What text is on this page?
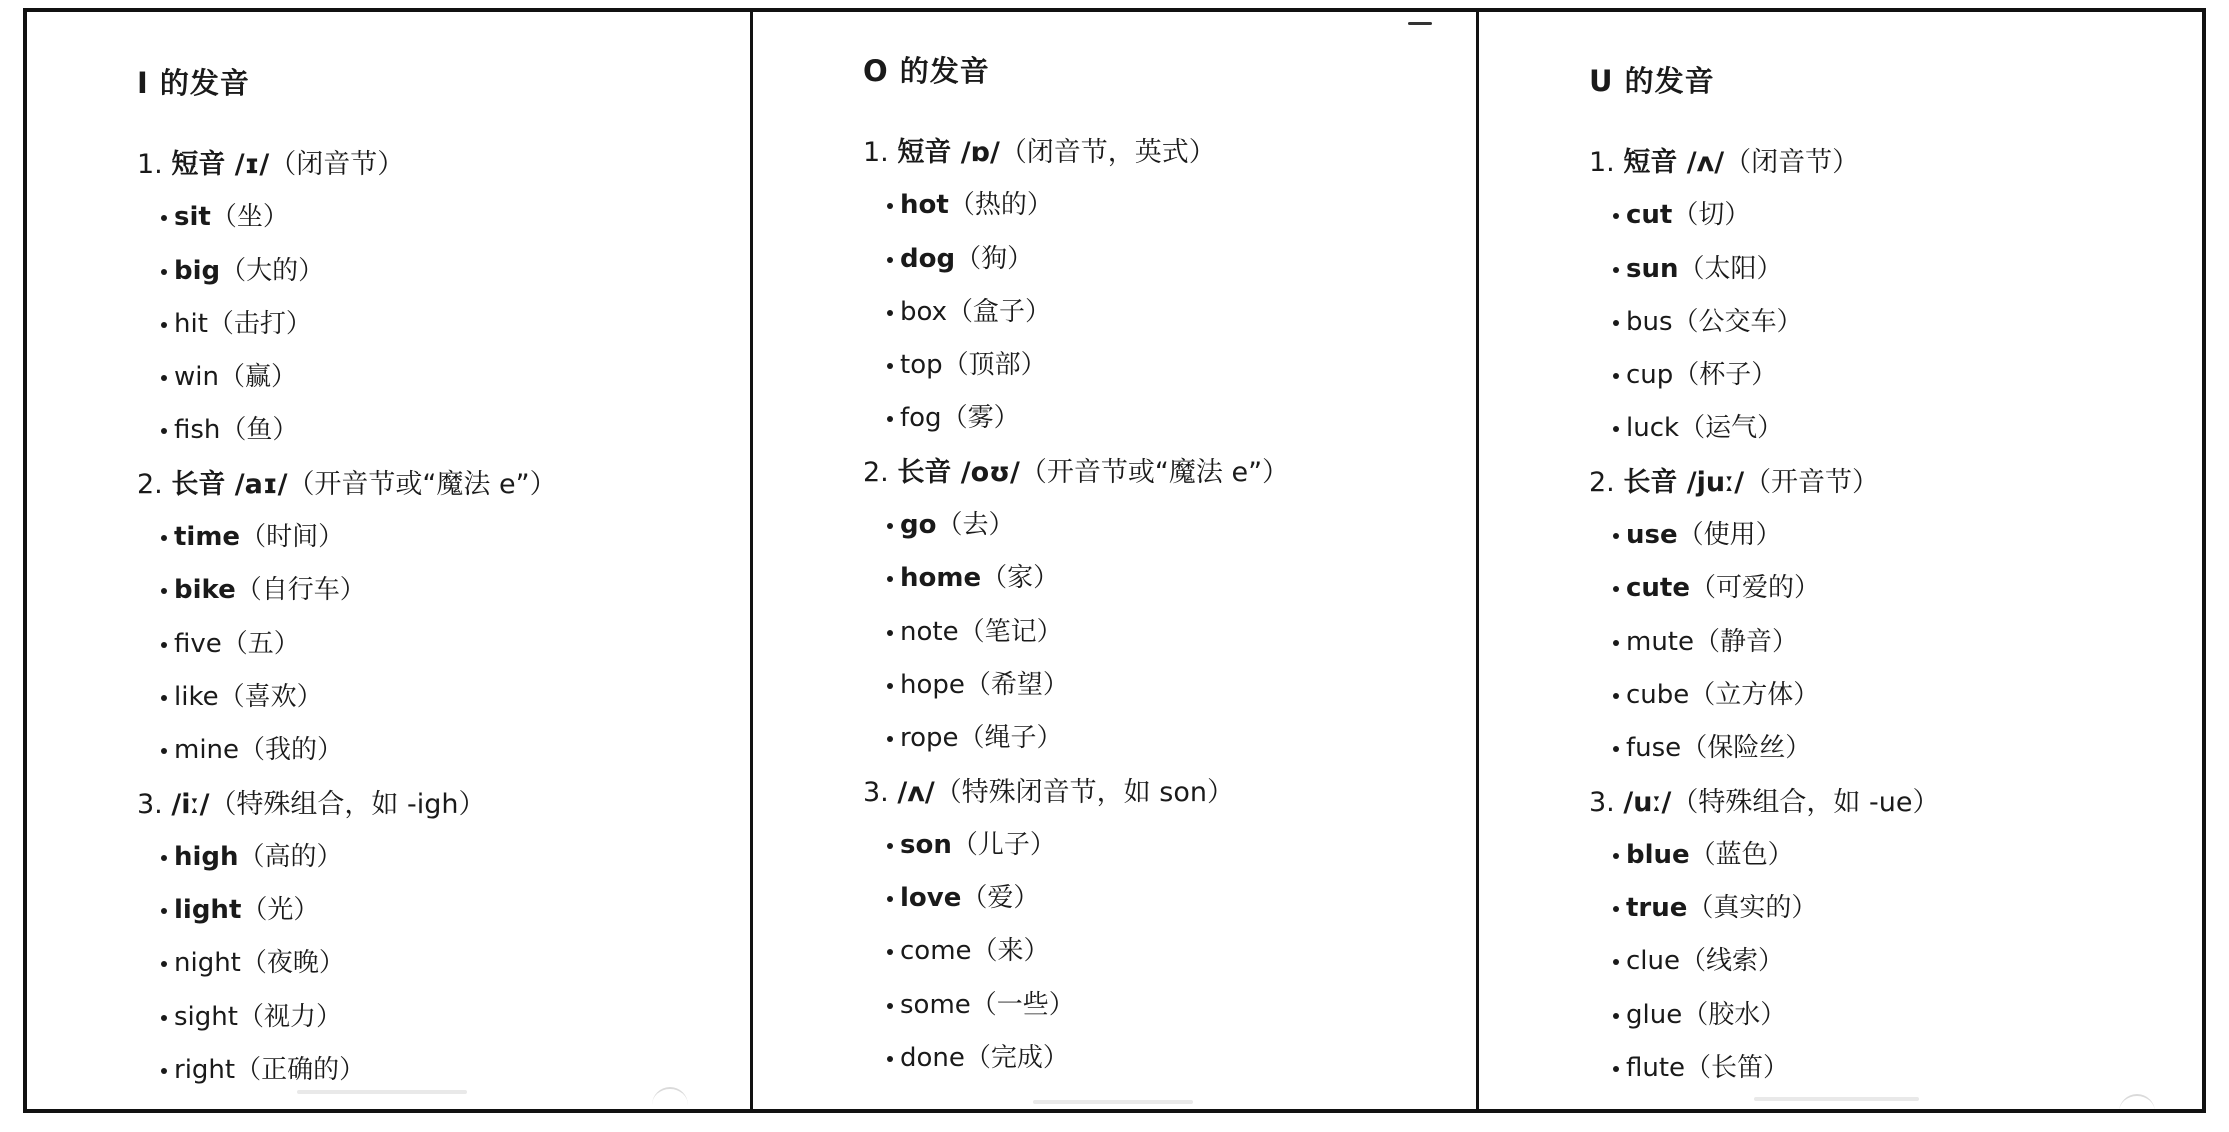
I 的发音
1. 短音 /ɪ/（闭音节）
sit（坐）
big（大的）
hit（击打）
win（赢）
fish（鱼）
2. 长音 /aɪ/（开音节或“魔法 e”）
time（时间）
bike（自行车）
five（五）
like（喜欢）
mine（我的）
3. /iː/（特殊组合，如 -igh）
high（高的）
light（光）
night（夜晚）
sight（视力）
right（正确的）
O 的发音
1. 短音 /ɒ/（闭音节，英式）
hot（热的）
dog（狗）
box（盒子）
top（顶部）
fog（雾）
2. 长音 /oʊ/（开音节或“魔法 e”）
go（去）
home（家）
note（笔记）
hope（希望）
rope（绳子）
3. /ʌ/（特殊闭音节，如 son）
son（儿子）
love（爱）
come（来）
some（一些）
done（完成）
U 的发音
1. 短音 /ʌ/（闭音节）
cut（切）
sun（太阳）
bus（公交车）
cup（杯子）
luck（运气）
2. 长音 /juː/（开音节）
use（使用）
cute（可爱的）
mute（静音）
cube（立方体）
fuse（保险丝）
3. /uː/（特殊组合，如 -ue）
blue（蓝色）
true（真实的）
clue（线索）
glue（胶水）
flute（长笛）
